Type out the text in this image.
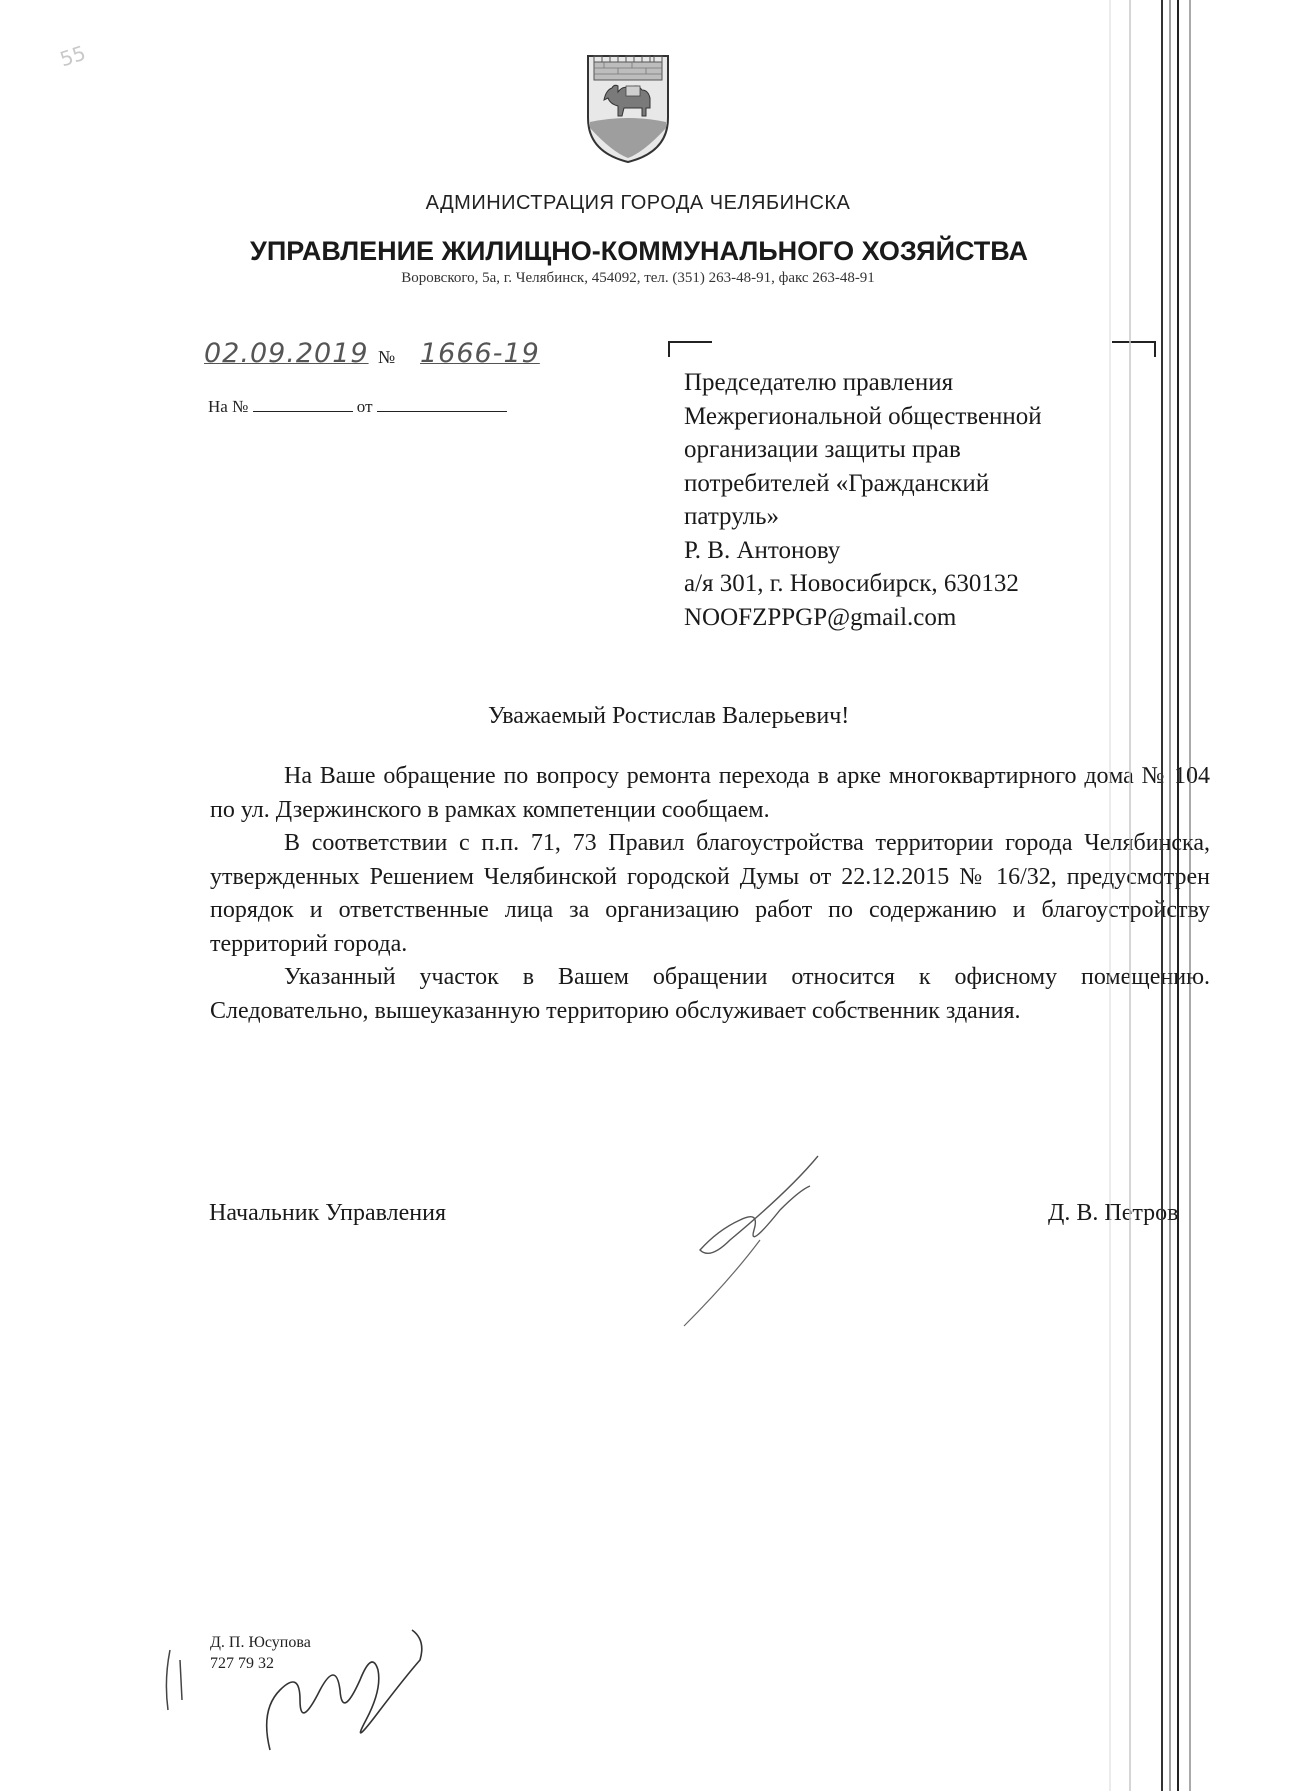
55
АДМИНИСТРАЦИЯ ГОРОДА ЧЕЛЯБИНСКА
УПРАВЛЕНИЕ ЖИЛИЩНО-КОММУНАЛЬНОГО ХОЗЯЙСТВА
Воровского, 5а, г. Челябинск, 454092, тел. (351) 263-48-91, факс 263-48-91
02.09.2019 № 1666-19
На №	от
Председателю правления
Межрегиональной общественной
организации защиты прав
потребителей «Гражданский
патруль»
Р. В. Антонову
а/я 301, г. Новосибирск, 630132
NOOFZPPGP@gmail.com
Уважаемый Ростислав Валерьевич!

На Ваше обращение по вопросу ремонта перехода в арке многоквартирного дома № 104 по ул. Дзержинского в рамках компетенции сообщаем.

В соответствии с п.п. 71, 73 Правил благоустройства территории города Челябинска, утвержденных Решением Челябинской городской Думы от 22.12.2015 № 16/32, предусмотрен порядок и ответственные лица за организацию работ по содержанию и благоустройству территорий города.

Указанный участок в Вашем обращении относится к офисному помещению. Следовательно, вышеуказанную территорию обслуживает собственник здания.

Начальник Управления	Д. В. Петров
Д. П. Юсупова
727 79 32
